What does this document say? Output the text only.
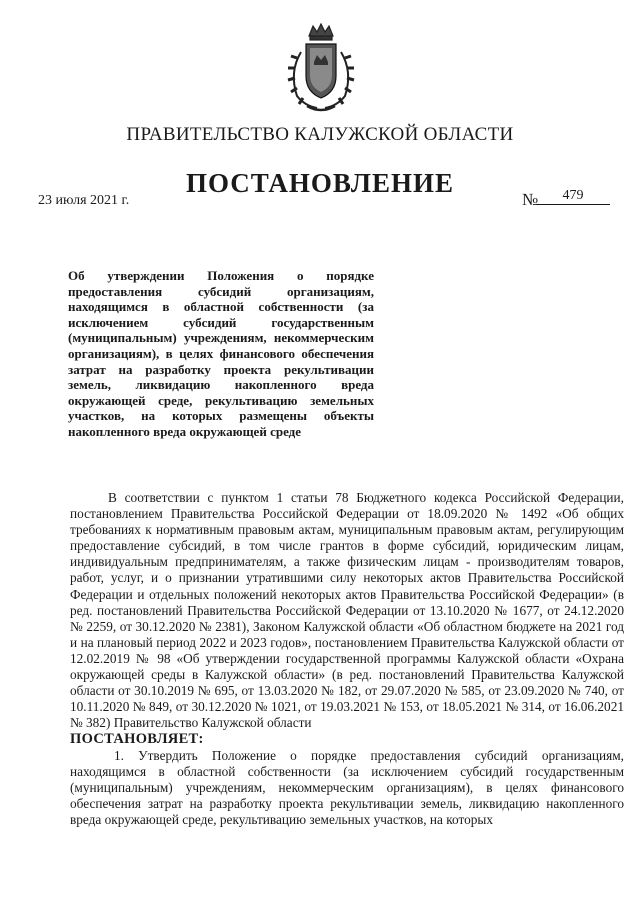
ПРАВИТЕЛЬСТВО КАЛУЖСКОЙ ОБЛАСТИ
ПОСТАНОВЛЕНИЕ
23 июля 2021 г.	№	479
Об утверждении Положения о порядке предоставления субсидий организациям, находящимся в областной собственности (за исключением субсидий государственным (муниципальным) учреждениям, некоммерческим организациям), в целях финансового обеспечения затрат на разработку проекта рекультивации земель, ликвидацию накопленного вреда окружающей среде, рекультивацию земельных участков, на которых размещены объекты накопленного вреда окружающей среде

В соответствии с пунктом 1 статьи 78 Бюджетного кодекса Российской Федерации, постановлением Правительства Российской Федерации от 18.09.2020 № 1492 «Об общих требованиях к нормативным правовым актам, муниципальным правовым актам, регулирующим предоставление субсидий, в том числе грантов в форме субсидий, юридическим лицам, индивидуальным предпринимателям, а также физическим лицам - производителям товаров, работ, услуг, и о признании утратившими силу некоторых актов Правительства Российской Федерации и отдельных положений некоторых актов Правительства Российской Федерации» (в ред. постановлений Правительства Российской Федерации от 13.10.2020 № 1677, от 24.12.2020 № 2259, от 30.12.2020 № 2381), Законом Калужской области «Об областном бюджете на 2021 год и на плановый период 2022 и 2023 годов», постановлением Правительства Калужской области от 12.02.2019 № 98 «Об утверждении государственной программы Калужской области «Охрана окружающей среды в Калужской области» (в ред. постановлений Правительства Калужской области от 30.10.2019 № 695, от 13.03.2020 № 182, от 29.07.2020 № 585, от 23.09.2020 № 740, от 10.11.2020 № 849, от 30.12.2020 № 1021, от 19.03.2021 № 153, от 18.05.2021 № 314, от 16.06.2021 № 382) Правительство Калужской области

ПОСТАНОВЛЯЕТ:

1. Утвердить Положение о порядке предоставления субсидий организациям, находящимся в областной собственности (за исключением субсидий государственным (муниципальным) учреждениям, некоммерческим организациям), в целях финансового обеспечения затрат на разработку проекта рекультивации земель, ликвидацию накопленного вреда окружающей среде, рекультивацию земельных участков, на которых
